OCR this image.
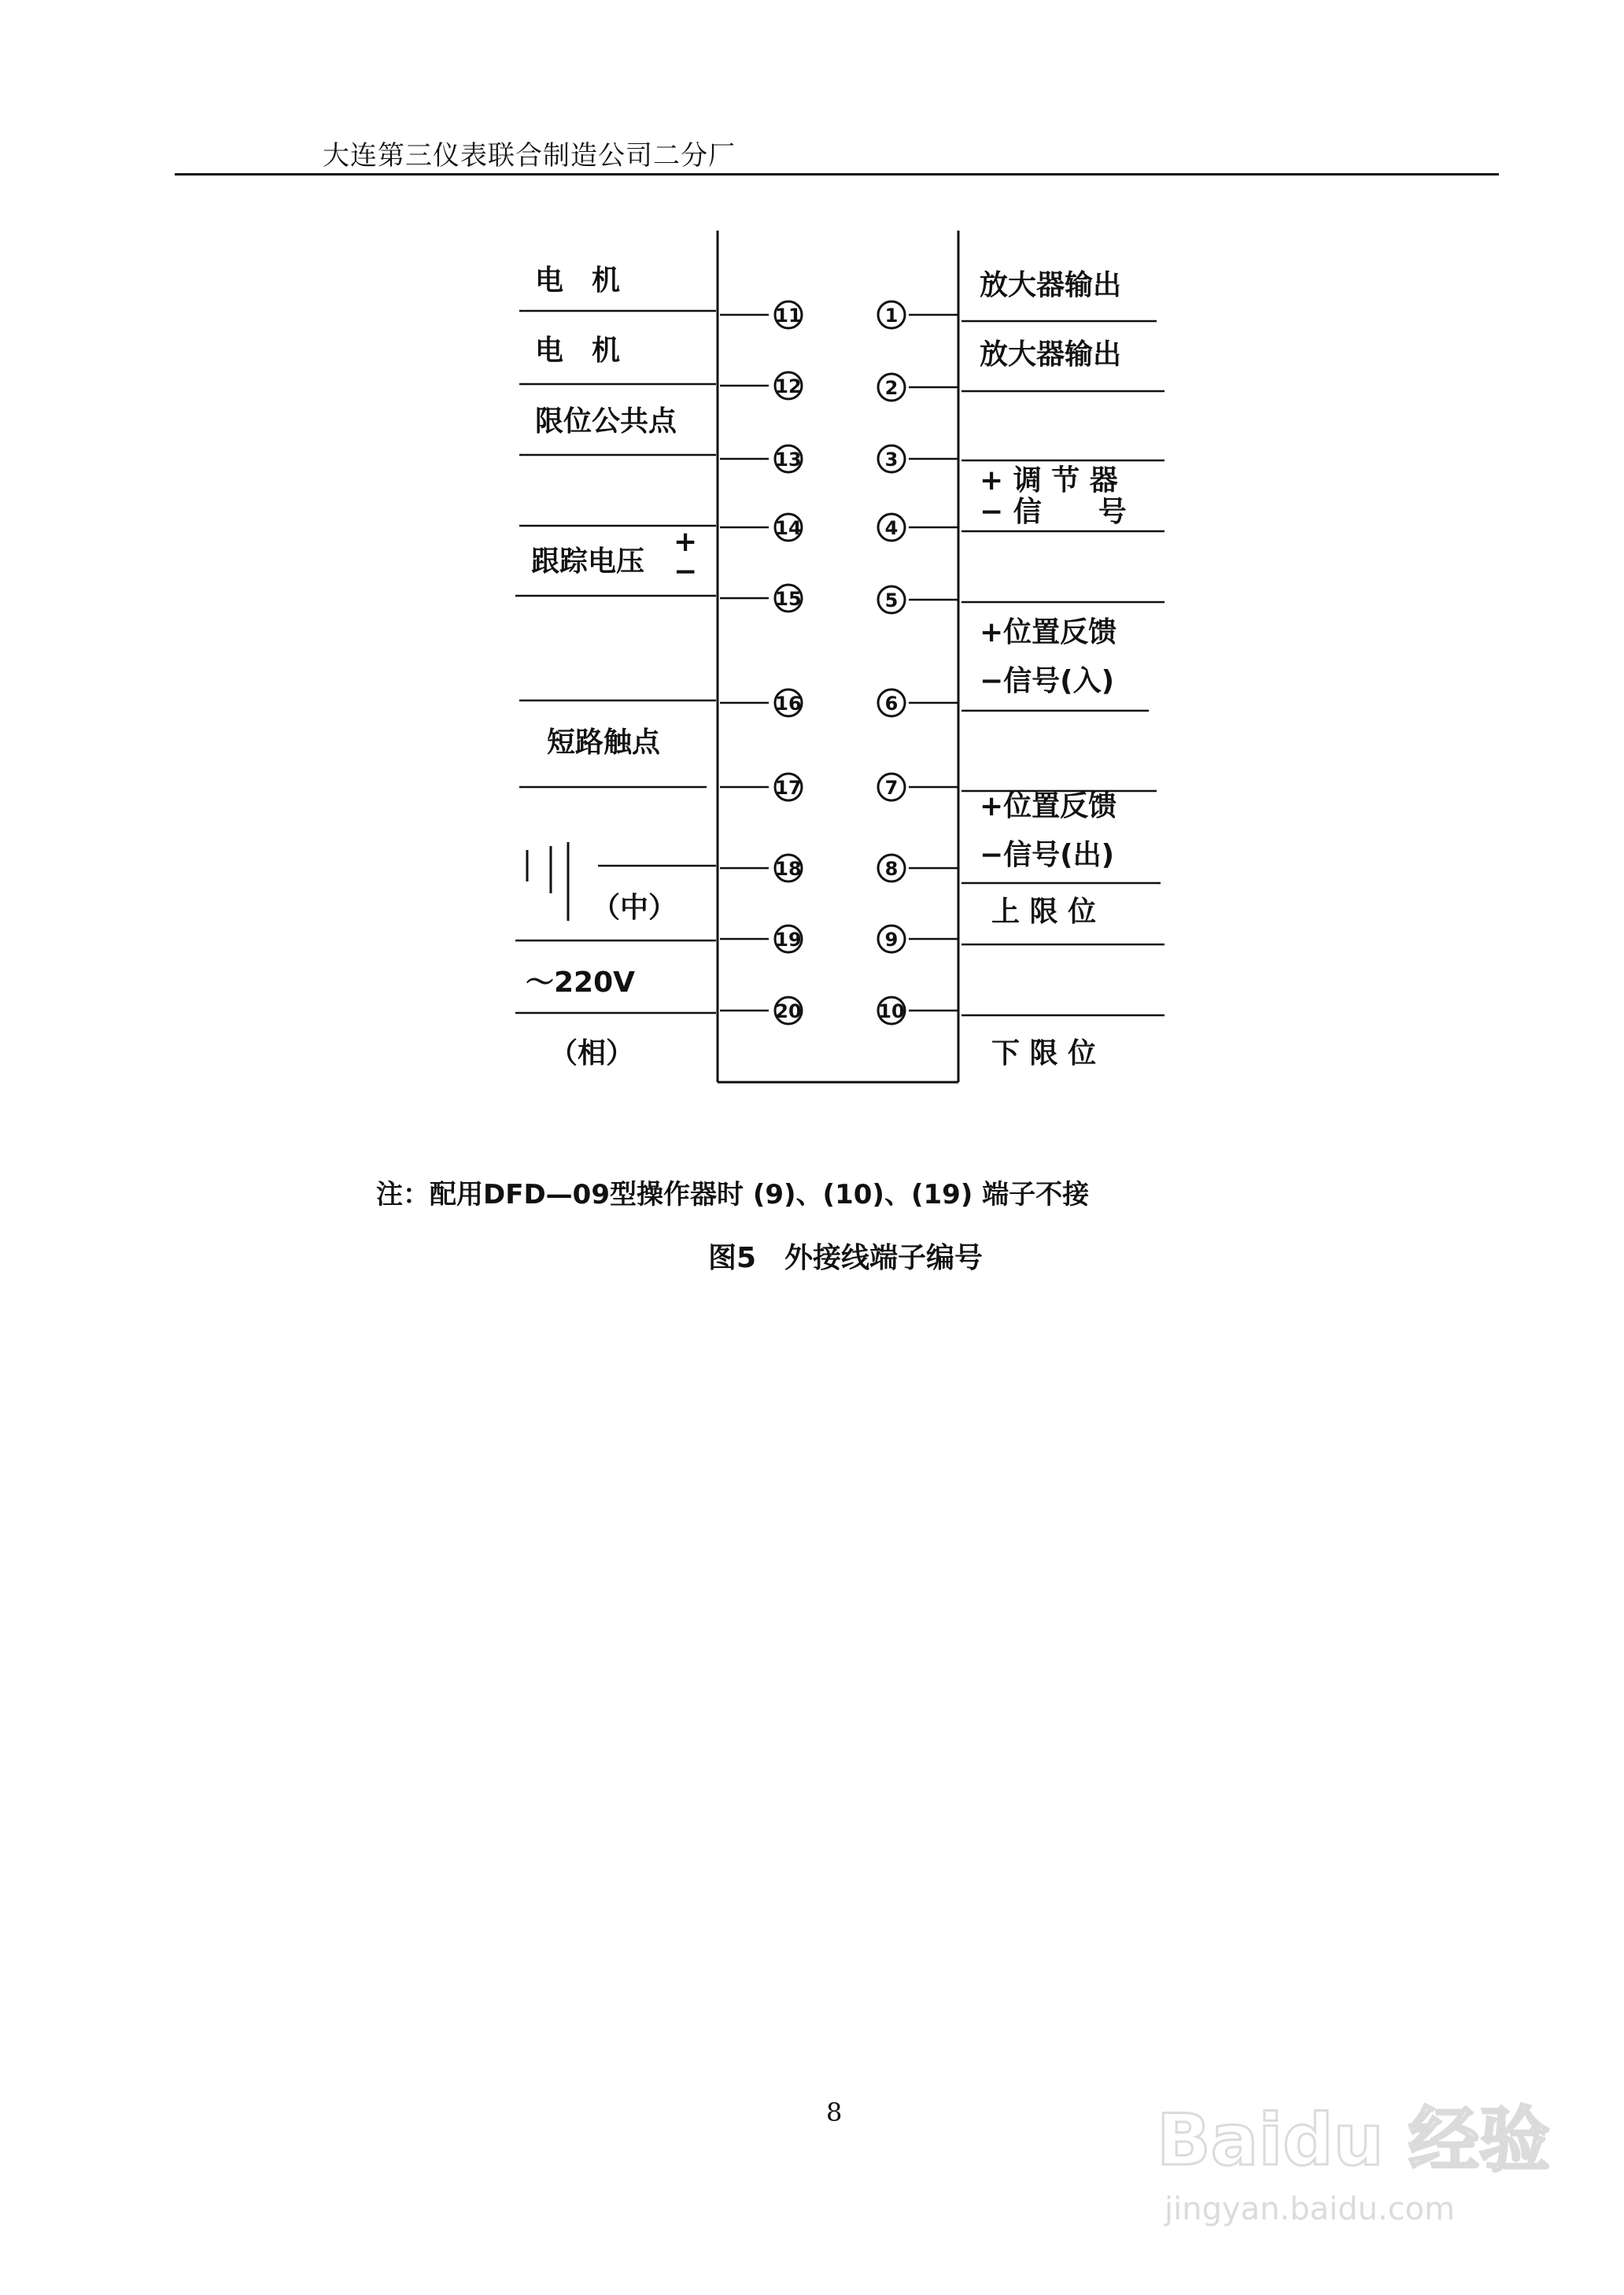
大连第三仪表联合制造公司二分厂
11
12
13
14
15
16
17
18
19
20
1
2
3
4
5
6
7
8
9
10
电　机
电　机
限位公共点
跟踪电压
+
−
短路触点
（中）
～220V
（相）
放大器输出
放大器输出
+ 调 节 器
− 信　　号
+位置反馈
−信号(入)
+位置反馈
−信号(出)
上 限 位
下 限 位
注：配用DFD—09型操作器时 (9)、(10)、(19) 端子不接
图5　外接线端子编号
8	Baidu 经验
jingyan.baidu.com
